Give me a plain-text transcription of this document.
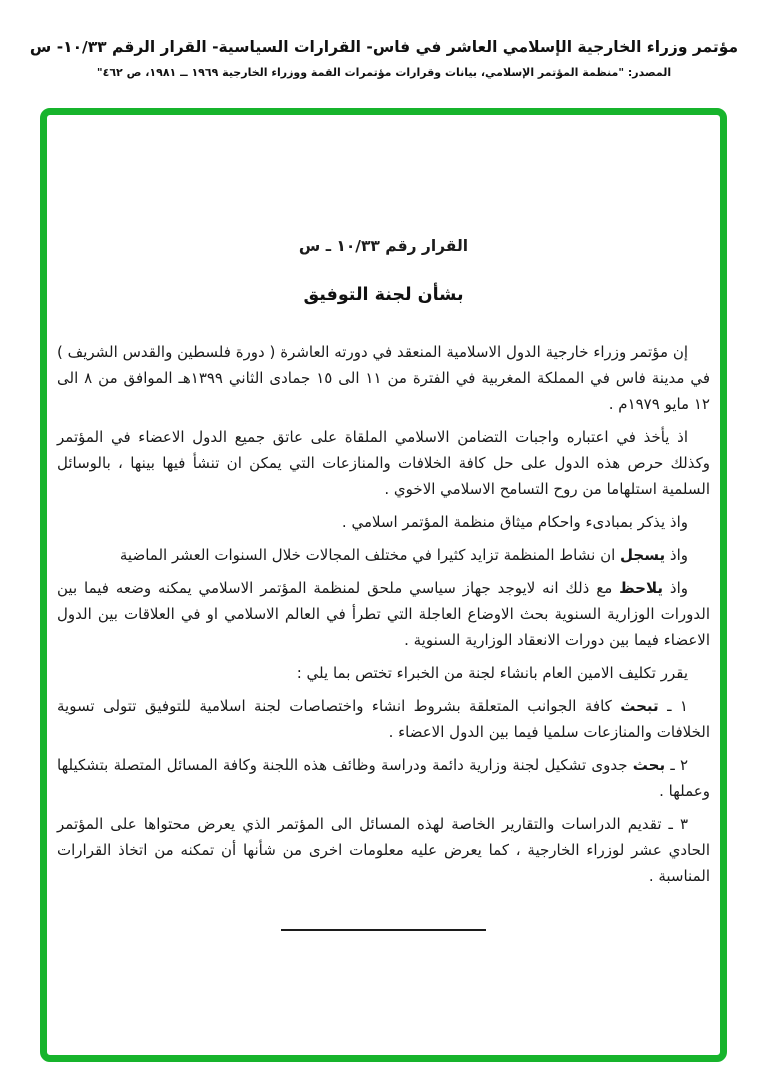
مؤتمر وزراء الخارجية الإسلامي العاشر في فاس- القرارات السياسية- القرار الرقم ١٠/٣٣- س
المصدر: "منظمة المؤتمر الإسلامي، بيانات وقرارات مؤتمرات القمة ووزراء الخارجية ١٩٦٩ ــ ١٩٨١، ص ٤٦٢"
القرار رقم ١٠/٣٣ ـ س
بشأن لجنة التوفيق

إن مؤتمر وزراء خارجية الدول الاسلامية المنعقد في دورته العاشرة ( دورة فلسطين والقدس الشريف ) في مدينة فاس في المملكة المغربية في الفترة من ١١ الى ١٥ جمادى الثاني ١٣٩٩هـ الموافق من ٨ الى ١٢ مايو ١٩٧٩م .

اذ يأخذ في اعتباره واجبات التضامن الاسلامي الملقاة على عاتق جميع الدول الاعضاء في المؤتمر وكذلك حرص هذه الدول على حل كافة الخلافات والمنازعات التي يمكن ان تنشأ فيها بينها ، بالوسائل السلمية استلهاما من روح التسامح الاسلامي الاخوي .

واذ يذكر بمبادىء واحكام ميثاق منظمة المؤتمر اسلامي .

واذ يسجل ان نشاط المنظمة تزايد كثيرا في مختلف المجالات خلال السنوات العشر الماضية

واذ يلاحظ مع ذلك انه لايوجد جهاز سياسي ملحق لمنظمة المؤتمر الاسلامي يمكنه وضعه فيما بين الدورات الوزارية السنوية بحث الاوضاع العاجلة التي تطرأ في العالم الاسلامي او في العلاقات بين الدول الاعضاء فيما بين دورات الانعقاد الوزارية السنوية .

يقرر تكليف الامين العام بانشاء لجنة من الخبراء تختص بما يلي :

١ ـ تبحث كافة الجوانب المتعلقة بشروط انشاء واختصاصات لجنة اسلامية للتوفيق تتولى تسوية الخلافات والمنازعات سلميا فيما بين الدول الاعضاء .

٢ ـ بحث جدوى تشكيل لجنة وزارية دائمة ودراسة وظائف هذه اللجنة وكافة المسائل المتصلة بتشكيلها وعملها .

٣ ـ تقديم الدراسات والتقارير الخاصة لهذه المسائل الى المؤتمر الذي يعرض محتواها على المؤتمر الحادي عشر لوزراء الخارجية ، كما يعرض عليه معلومات اخرى من شأنها أن تمكنه من اتخاذ القرارات المناسبة .
